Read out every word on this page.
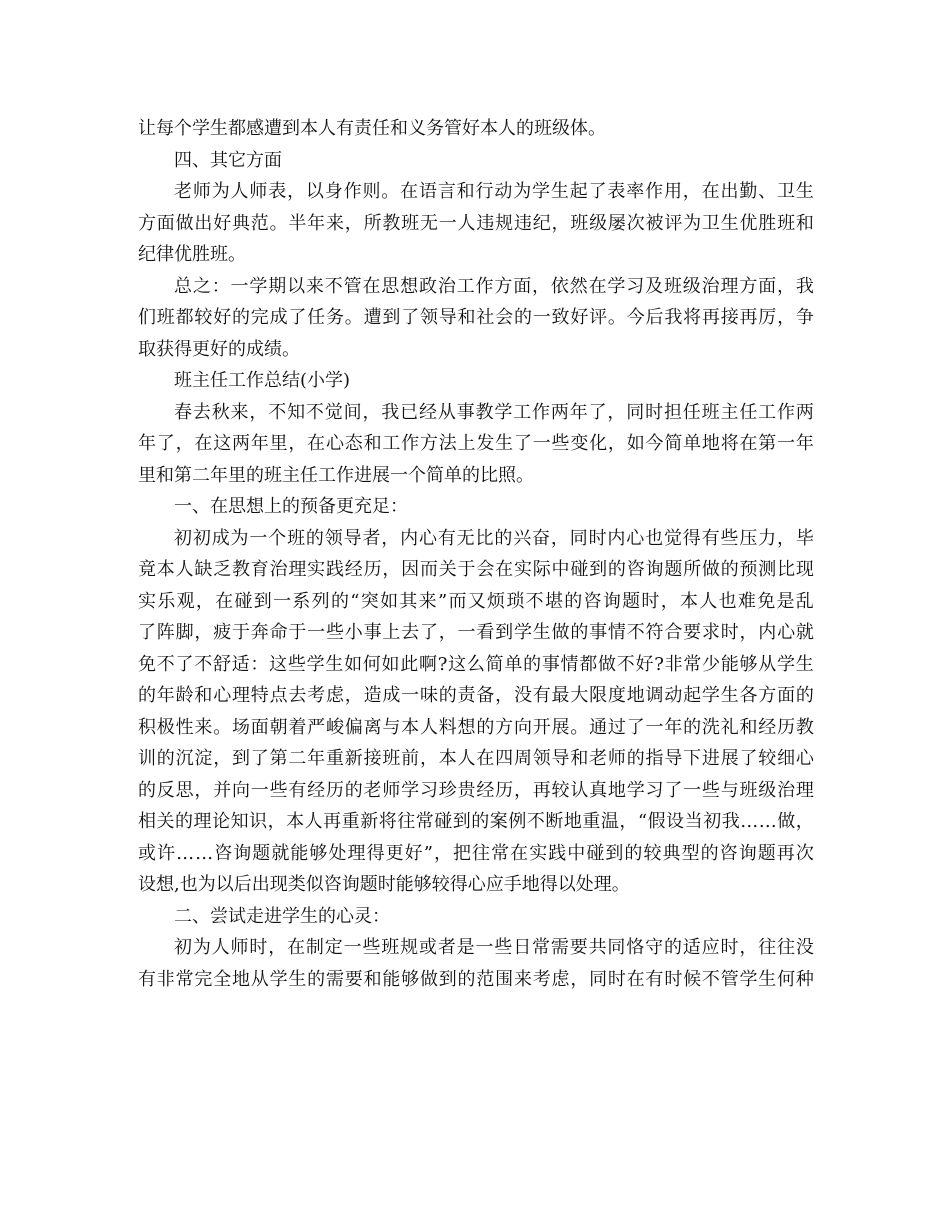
让每个学生都感遭到本人有责任和义务管好本人的班级体。
四、其它方面
老 师 为 人 师 表 ， 以 身 作 则 。 在 语 言 和 行 动 为 学 生 起 了 表 率 作 用 ， 在 出 勤 、 卫 生
方 面 做 出 好 典 范 。 半 年 来 ， 所 教 班 无 一 人 违 规 违 纪 ， 班 级 屡 次 被 评 为 卫 生 优 胜 班 和
纪律优胜班。
总 之 ： 一 学 期 以 来 不 管 在 思 想 政 治 工 作 方 面 ， 依 然 在 学 习 及 班 级 治 理 方 面 ， 我
们 班 都 较 好 的 完 成 了 任 务 。 遭 到 了 领 导 和 社 会 的 一 致 好 评 。 今 后 我 将 再 接 再 厉 ， 争
取获得更好的成绩。
班主任工作总结(小学)
春 去 秋 来 ， 不 知 不 觉 间 ， 我 已 经 从 事 教 学 工 作 两 年 了 ， 同 时 担 任 班 主 任 工 作 两
年 了 ， 在 这 两 年 里 ， 在 心 态 和 工 作 方 法 上 发 生 了 一 些 变 化 ， 如 今 简 单 地 将 在 第 一 年
里和第二年里的班主任工作进展一个简单的比照。
一、在思想上的预备更充足：
初 初 成 为 一 个 班 的 领 导 者 ， 内 心 有 无 比 的 兴 奋 ， 同 时 内 心 也 觉 得 有 些 压 力 ， 毕
竟 本 人 缺 乏 教 育 治 理 实 践 经 历 ， 因 而 关 于 会 在 实 际 中 碰 到 的 咨 询 题 所 做 的 预 测 比 现
实 乐 观 ， 在 碰 到 一 系 列 的 “ 突 如 其 来 ” 而 又 烦 琐 不 堪 的 咨 询 题 时 ， 本 人 也 难 免 是 乱
了 阵 脚 ， 疲 于 奔 命 于 一 些 小 事 上 去 了 ， 一 看 到 学 生 做 的 事 情 不 符 合 要 求 时 ， 内 心 就
免 不 了 不 舒 适 ： 这 些 学 生 如 何 如 此 啊 ? 这 么 简 单 的 事 情 都 做 不 好 ? 非 常 少 能 够 从 学 生
的 年 龄 和 心 理 特 点 去 考 虑 ， 造 成 一 味 的 责 备 ， 没 有 最 大 限 度 地 调 动 起 学 生 各 方 面 的
积 极 性 来 。 场 面 朝 着 严 峻 偏 离 与 本 人 料 想 的 方 向 开 展 。 通 过 了 一 年 的 洗 礼 和 经 历 教
训 的 沉 淀 ， 到 了 第 二 年 重 新 接 班 前 ， 本 人 在 四 周 领 导 和 老 师 的 指 导 下 进 展 了 较 细 心
的 反 思 ， 并 向 一 些 有 经 历 的 老 师 学 习 珍 贵 经 历 ， 再 较 认 真 地 学 习 了 一 些 与 班 级 治 理
相 关 的 理 论 知 识 ， 本 人 再 重 新 将 往 常 碰 到 的 案 例 不 断 地 重 温 ， “ 假 设 当 初 我 … … 做 ，
或 许 … … 咨 询 题 就 能 够 处 理 得 更 好 ” ， 把 往 常 在 实 践 中 碰 到 的 较 典 型 的 咨 询 题 再 次
设想,也为以后出现类似咨询题时能够较得心应手地得以处理。
二、尝试走进学生的心灵：
初 为 人 师 时 ， 在 制 定 一 些 班 规 或 者 是 一 些 日 常 需 要 共 同 恪 守 的 适 应 时 ， 往 往 没
有 非 常 完 全 地 从 学 生 的 需 要 和 能 够 做 到 的 范 围 来 考 虑 ， 同 时 在 有 时 候 不 管 学 生 何 种
